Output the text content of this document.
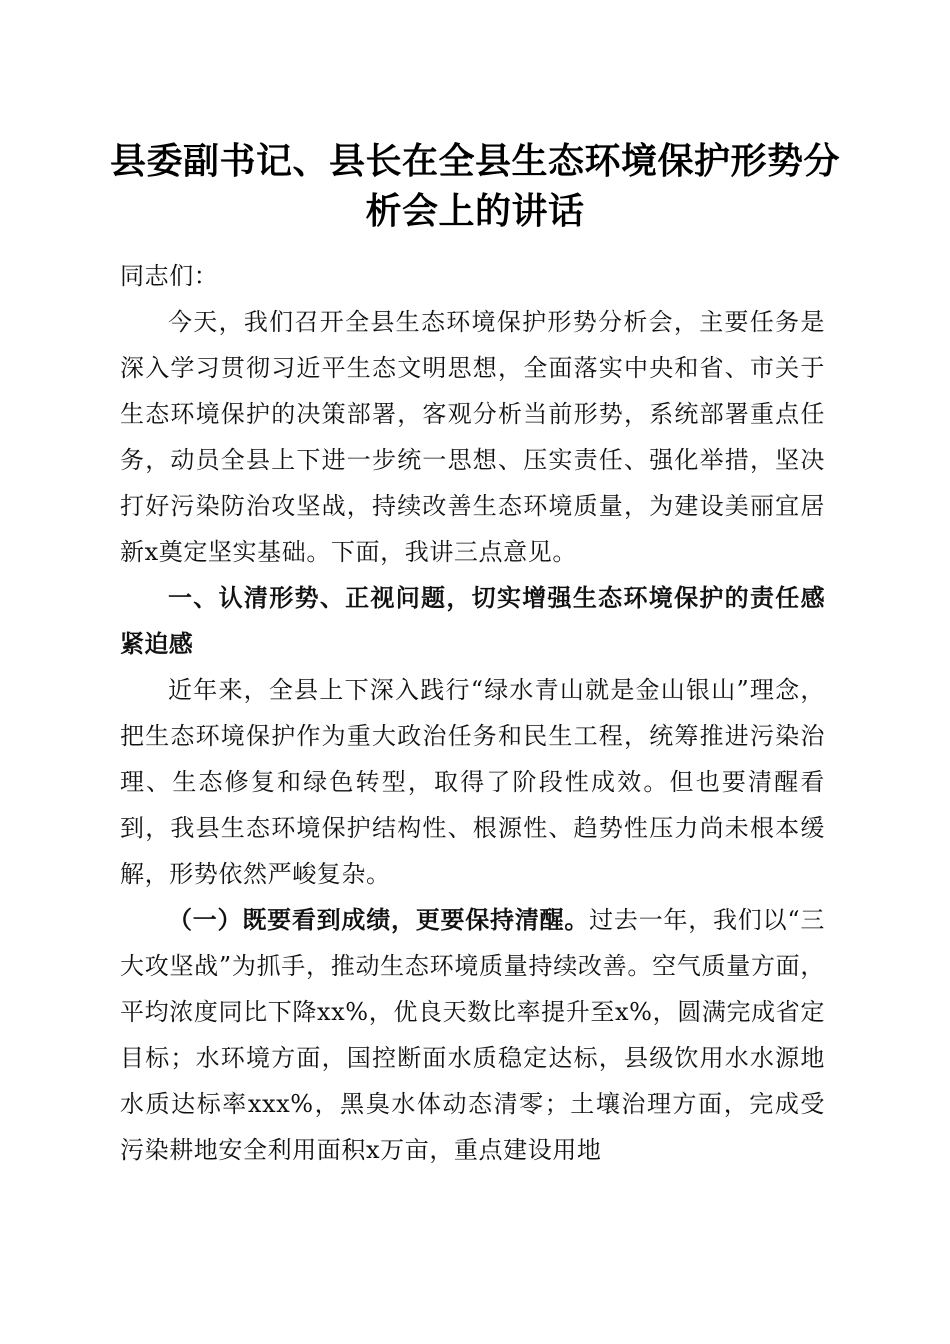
县委副书记、县长在全县生态环境保护形势分
析会上的讲话

同志们：

今天，我们召开全县生态环境保护形势分析会，主要任务是深入学习贯彻习近平生态文明思想，全面落实中央和省、市关于生态环境保护的决策部署，客观分析当前形势，系统部署重点任务，动员全县上下进一步统一思想、压实责任、强化举措，坚决打好污染防治攻坚战，持续改善生态环境质量，为建设美丽宜居新x奠定坚实基础。下面，我讲三点意见。

一、认清形势、正视问题，切实增强生态环境保护的责任感紧迫感

近年来，全县上下深入践行“绿水青山就是金山银山”理念，把生态环境保护作为重大政治任务和民生工程，统筹推进污染治理、生态修复和绿色转型，取得了阶段性成效。但也要清醒看到，我县生态环境保护结构性、根源性、趋势性压力尚未根本缓解，形势依然严峻复杂。

（一）既要看到成绩，更要保持清醒。过去一年，我们以“三大攻坚战”为抓手，推动生态环境质量持续改善。空气质量方面，平均浓度同比下降xx%，优良天数比率提升至x%，圆满完成省定目标；水环境方面，国控断面水质稳定达标，县级饮用水水源地水质达标率xxx%，黑臭水体动态清零；土壤治理方面，完成受污染耕地安全利用面积x万亩，重点建设用地
